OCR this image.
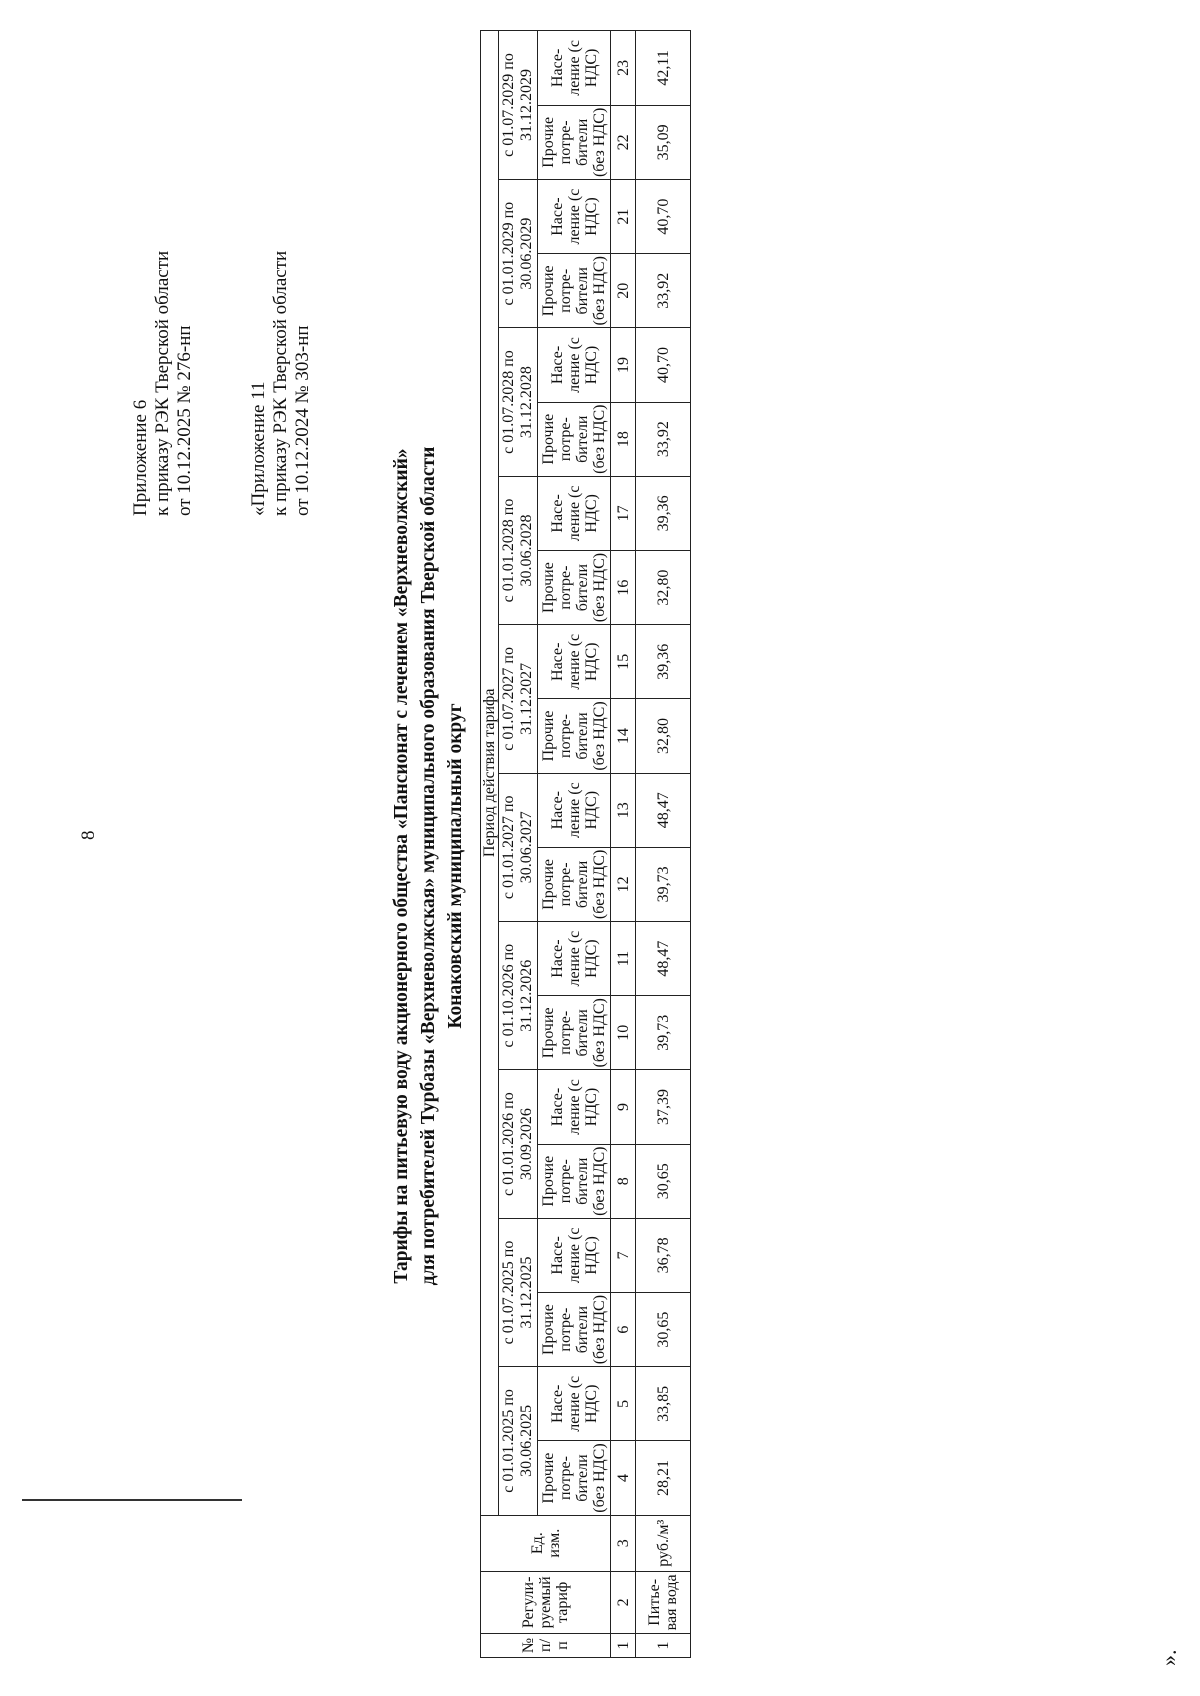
8
Приложение 6 к приказу РЭК Тверской области от 10.12.2025 № 276-нп	«Приложение 11 к приказу РЭК Тверской области от 10.12.2024 № 303-нп
Тарифы на питьевую воду акционерного общества «Пансионат с лечением «Верхневолжский» для потребителей Турбазы «Верхневолжская» муниципального образования Тверской области Конаковский муниципальный округ
№ п/п	Регули-руемый тариф	Ед. изм.	Период действия тарифа																			
			с 01.01.2025 по 30.06.2025		с 01.07.2025 по 31.12.2025		с 01.01.2026 по 30.09.2026		с 01.10.2026 по 31.12.2026		с 01.01.2027 по 30.06.2027		с 01.07.2027 по 31.12.2027		с 01.01.2028 по 30.06.2028		с 01.07.2028 по 31.12.2028		с 01.01.2029 по 30.06.2029		с 01.07.2029 по 31.12.2029	
			Прочие потре-бители (без НДС)	Насе-ление (с НДС)	Прочие потре-бители (без НДС)	Насе-ление (с НДС)	Прочие потре-бители (без НДС)	Насе-ление (с НДС)	Прочие потре-бители (без НДС)	Насе-ление (с НДС)	Прочие потре-бители (без НДС)	Насе-ление (с НДС)	Прочие потре-бители (без НДС)	Насе-ление (с НДС)	Прочие потре-бители (без НДС)	Насе-ление (с НДС)	Прочие потре-бители (без НДС)	Насе-ление (с НДС)	Прочие потре-бители (без НДС)	Насе-ление (с НДС)	Прочие потре-бители (без НДС)	Насе-ление (с НДС)
1	2	3	4	5	6	7	8	9	10	11	12	13	14	15	16	17	18	19	20	21	22	23
1	Питье-вая вода	руб./м³	28,21	33,85	30,65	36,78	30,65	37,39	39,73	48,47	39,73	48,47	32,80	39,36	32,80	39,36	33,92	40,70	33,92	40,70	35,09	42,11
».
